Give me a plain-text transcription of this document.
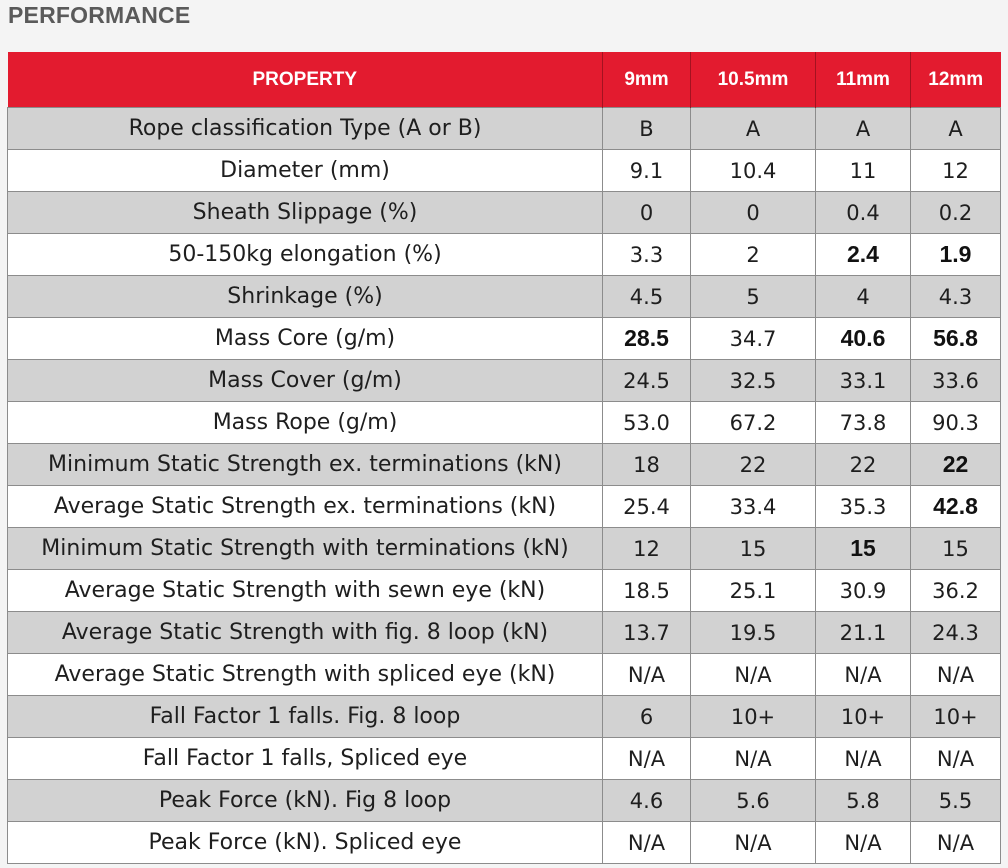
PERFORMANCE
PROPERTY	9mm	10.5mm	11mm	12mm
Rope classification Type (A or B)	B	A	A	A
Diameter (mm)	9.1	10.4	11	12
Sheath Slippage (%)	0	0	0.4	0.2
50-150kg elongation (%)	3.3	2	2.4	1.9
Shrinkage (%)	4.5	5	4	4.3
Mass Core (g/m)	28.5	34.7	40.6	56.8
Mass Cover (g/m)	24.5	32.5	33.1	33.6
Mass Rope (g/m)	53.0	67.2	73.8	90.3
Minimum Static Strength ex. terminations (kN)	18	22	22	22
Average Static Strength ex. terminations (kN)	25.4	33.4	35.3	42.8
Minimum Static Strength with terminations (kN)	12	15	15	15
Average Static Strength with sewn eye (kN)	18.5	25.1	30.9	36.2
Average Static Strength with fig. 8 loop (kN)	13.7	19.5	21.1	24.3
Average Static Strength with spliced eye (kN)	N/A	N/A	N/A	N/A
Fall Factor 1 falls. Fig. 8 loop	6	10+	10+	10+
Fall Factor 1 falls, Spliced eye	N/A	N/A	N/A	N/A
Peak Force (kN). Fig 8 loop	4.6	5.6	5.8	5.5
Peak Force (kN). Spliced eye	N/A	N/A	N/A	N/A
